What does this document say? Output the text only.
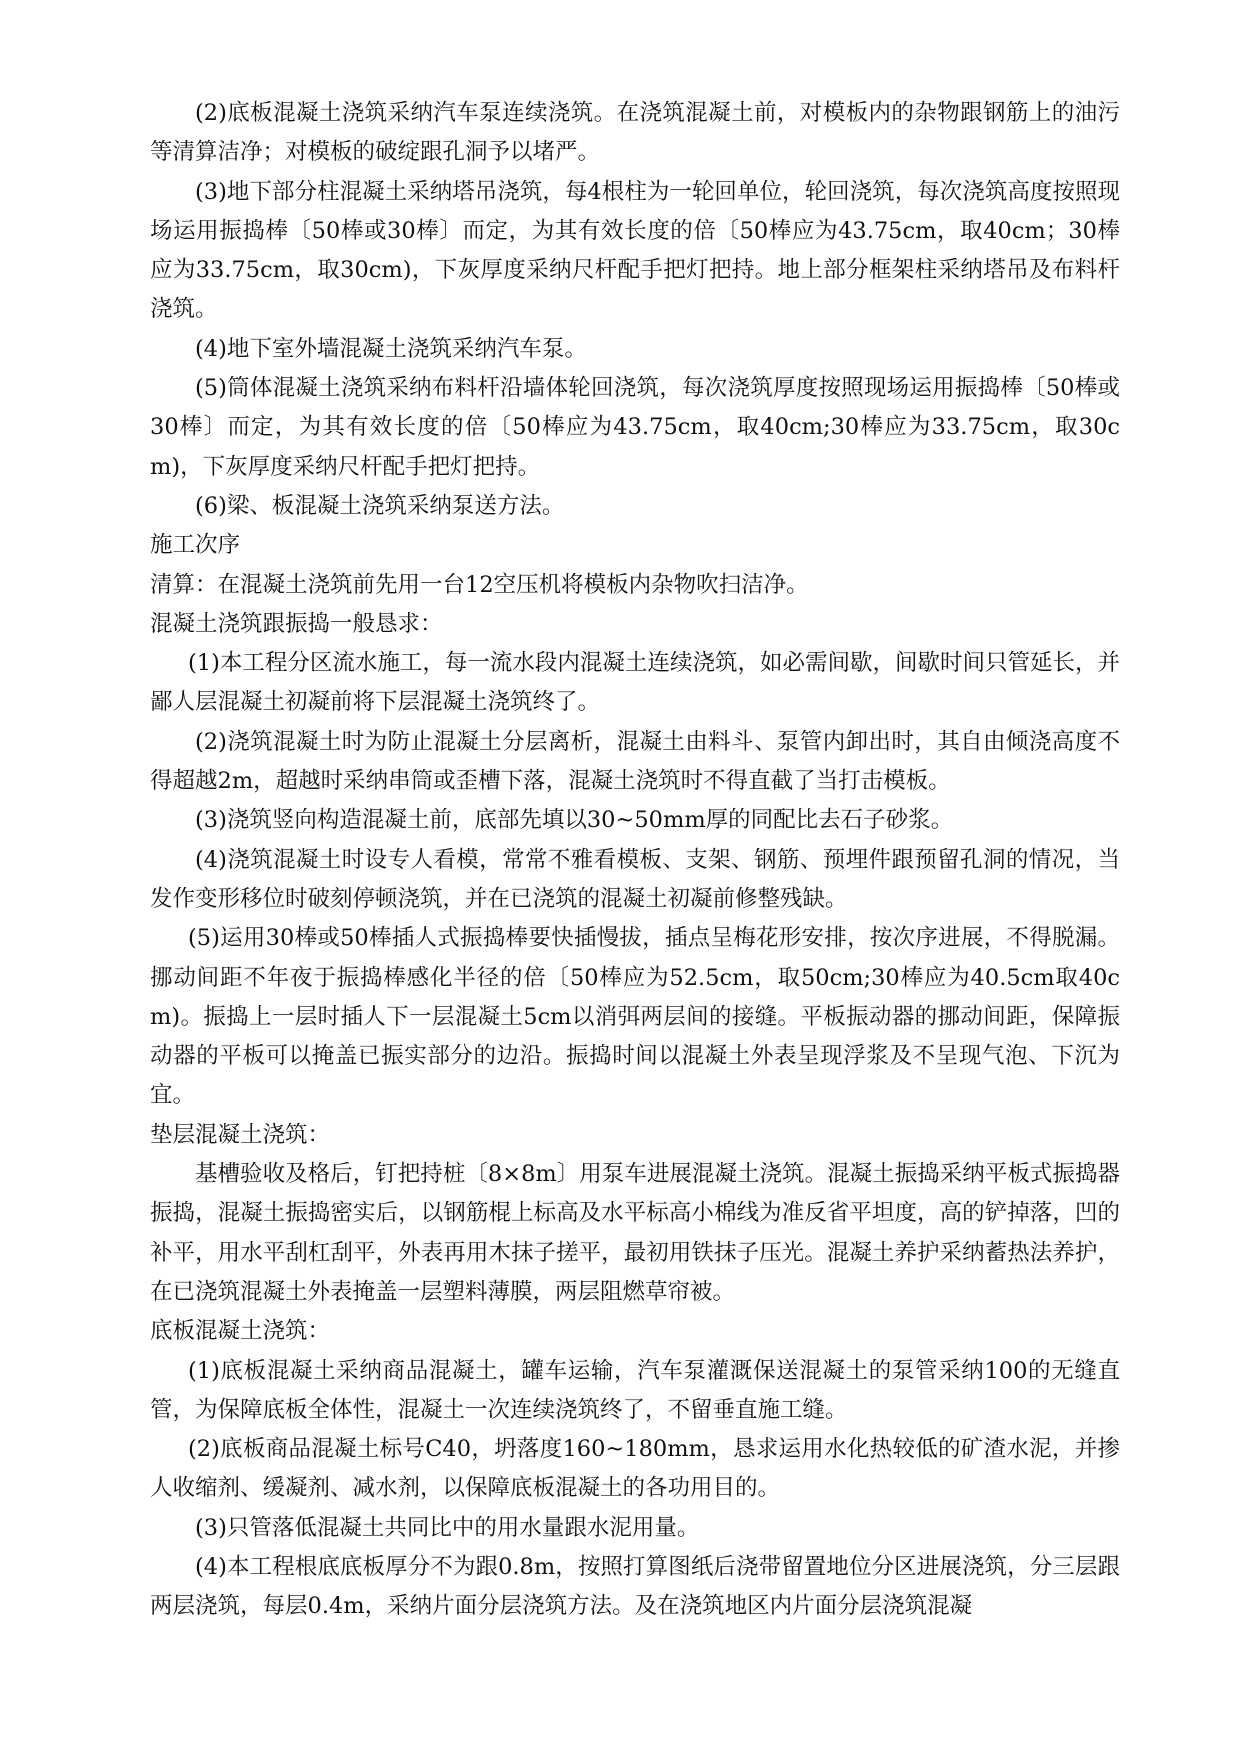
(2)底板混凝土浇筑采纳汽车泵连续浇筑。在浇筑混凝土前，对模板内的杂物跟钢筋上的油污等清算洁净；对模板的破绽跟孔洞予以堵严。

(3)地下部分柱混凝土采纳塔吊浇筑，每4根柱为一轮回单位，轮回浇筑，每次浇筑高度按照现场运用振捣棒〔50棒或30棒〕而定，为其有效长度的倍〔50棒应为43.75cm，取40cm；30棒应为33.75cm，取30cm)，下灰厚度采纳尺杆配手把灯把持。地上部分框架柱采纳塔吊及布料杆浇筑。

(4)地下室外墙混凝土浇筑采纳汽车泵。

(5)筒体混凝土浇筑采纳布料杆沿墙体轮回浇筑，每次浇筑厚度按照现场运用振捣棒〔50棒或30棒〕而定，为其有效长度的倍〔50棒应为43.75cm，取40cm;30棒应为33.75cm，取30cm)，下灰厚度采纳尺杆配手把灯把持。

(6)梁、板混凝土浇筑采纳泵送方法。

施工次序

清算：在混凝土浇筑前先用一台12空压机将模板内杂物吹扫洁净。

混凝土浇筑跟振捣一般恳求：

(1)本工程分区流水施工，每一流水段内混凝土连续浇筑，如必需间歇，间歇时间只管延长，并鄙人层混凝土初凝前将下层混凝土浇筑终了。

(2)浇筑混凝土时为防止混凝土分层离析，混凝土由料斗、泵管内卸出时，其自由倾浇高度不得超越2m，超越时采纳串筒或歪槽下落，混凝土浇筑时不得直截了当打击模板。

(3)浇筑竖向构造混凝土前，底部先填以30~50mm厚的同配比去石子砂浆。

(4)浇筑混凝土时设专人看模，常常不雅看模板、支架、钢筋、预埋件跟预留孔洞的情况，当发作变形移位时破刻停顿浇筑，并在已浇筑的混凝土初凝前修整残缺。

(5)运用30棒或50棒插人式振捣棒要快插慢拔，插点呈梅花形安排，按次序进展，不得脱漏。挪动间距不年夜于振捣棒感化半径的倍〔50棒应为52.5cm，取50cm;30棒应为40.5cm取40cm)。振捣上一层时插人下一层混凝土5cm以消弭两层间的接缝。平板振动器的挪动间距，保障振动器的平板可以掩盖已振实部分的边沿。振捣时间以混凝土外表呈现浮浆及不呈现气泡、下沉为宜。

垫层混凝土浇筑：

基槽验收及格后，钉把持桩〔8×8m〕用泵车进展混凝土浇筑。混凝土振捣采纳平板式振捣器振捣，混凝土振捣密实后，以钢筋棍上标高及水平标高小棉线为准反省平坦度，高的铲掉落，凹的补平，用水平刮杠刮平，外表再用木抹子搓平，最初用铁抹子压光。混凝土养护采纳蓄热法养护，在已浇筑混凝土外表掩盖一层塑料薄膜，两层阻燃草帘被。

底板混凝土浇筑：

(1)底板混凝土采纳商品混凝土，罐车运输，汽车泵灌溉保送混凝土的泵管采纳100的无缝直管，为保障底板全体性，混凝土一次连续浇筑终了，不留垂直施工缝。

(2)底板商品混凝土标号C40，坍落度160~180mm，恳求运用水化热较低的矿渣水泥，并掺人收缩剂、缓凝剂、减水剂，以保障底板混凝土的各功用目的。

(3)只管落低混凝土共同比中的用水量跟水泥用量。

(4)本工程根底底板厚分不为跟0.8m，按照打算图纸后浇带留置地位分区进展浇筑，分三层跟两层浇筑，每层0.4m，采纳片面分层浇筑方法。及在浇筑地区内片面分层浇筑混凝
